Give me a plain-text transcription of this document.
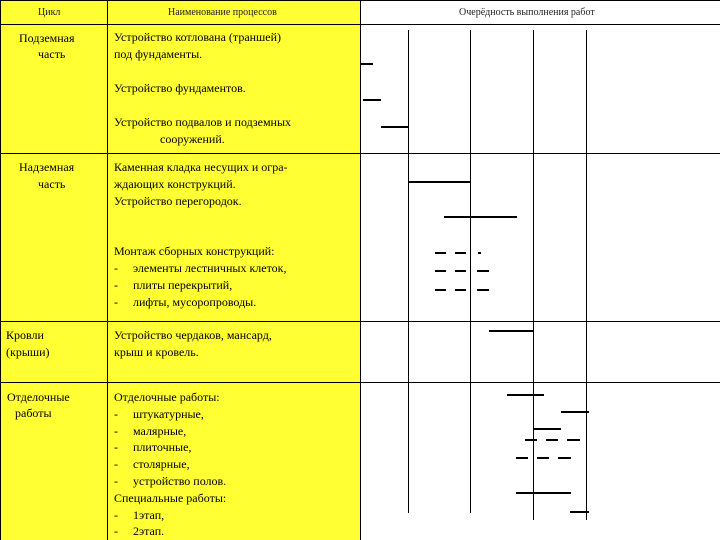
Цикл	Наименование процессов	Очерёдность выполнения работ
Подземная
часть
Устройство котлована (траншей)
под фундаменты.
Устройство фундаментов.
Устройство подвалов и подземных
сооружений.
Надземная
часть
Каменная кладка несущих и огра-
ждающих конструкций.
Устройство перегородок.
Монтаж сборных конструкций:
-     элементы лестничных клеток,
-     плиты перекрытий,
-     лифты, мусоропроводы.
Кровли
(крыши)
Устройство чердаков, мансард,
крыш и кровель.
Отделочные
работы
Отделочные работы:
-     штукатурные,
-     малярные,
-     плиточные,
-     столярные,
-     устройство полов.
Специальные работы:
-     1этап,
-     2этап.
